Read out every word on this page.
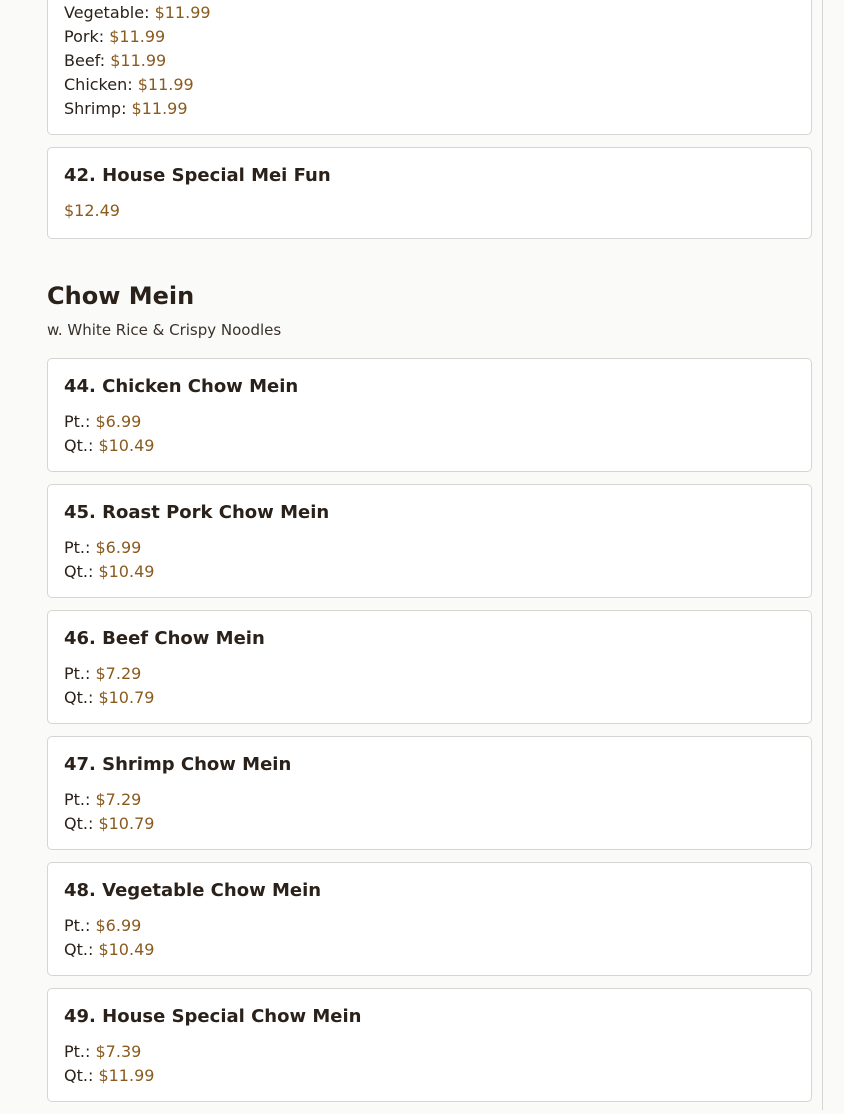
Vegetable: $11.99
Pork: $11.99
Beef: $11.99
Chicken: $11.99
Shrimp: $11.99
42. House Special Mei Fun
$12.49
Chow Mein
w. White Rice & Crispy Noodles
44. Chicken Chow Mein
Pt.: $6.99
Qt.: $10.49
45. Roast Pork Chow Mein
Pt.: $6.99
Qt.: $10.49
46. Beef Chow Mein
Pt.: $7.29
Qt.: $10.79
47. Shrimp Chow Mein
Pt.: $7.29
Qt.: $10.79
48. Vegetable Chow Mein
Pt.: $6.99
Qt.: $10.49
49. House Special Chow Mein
Pt.: $7.39
Qt.: $11.99
